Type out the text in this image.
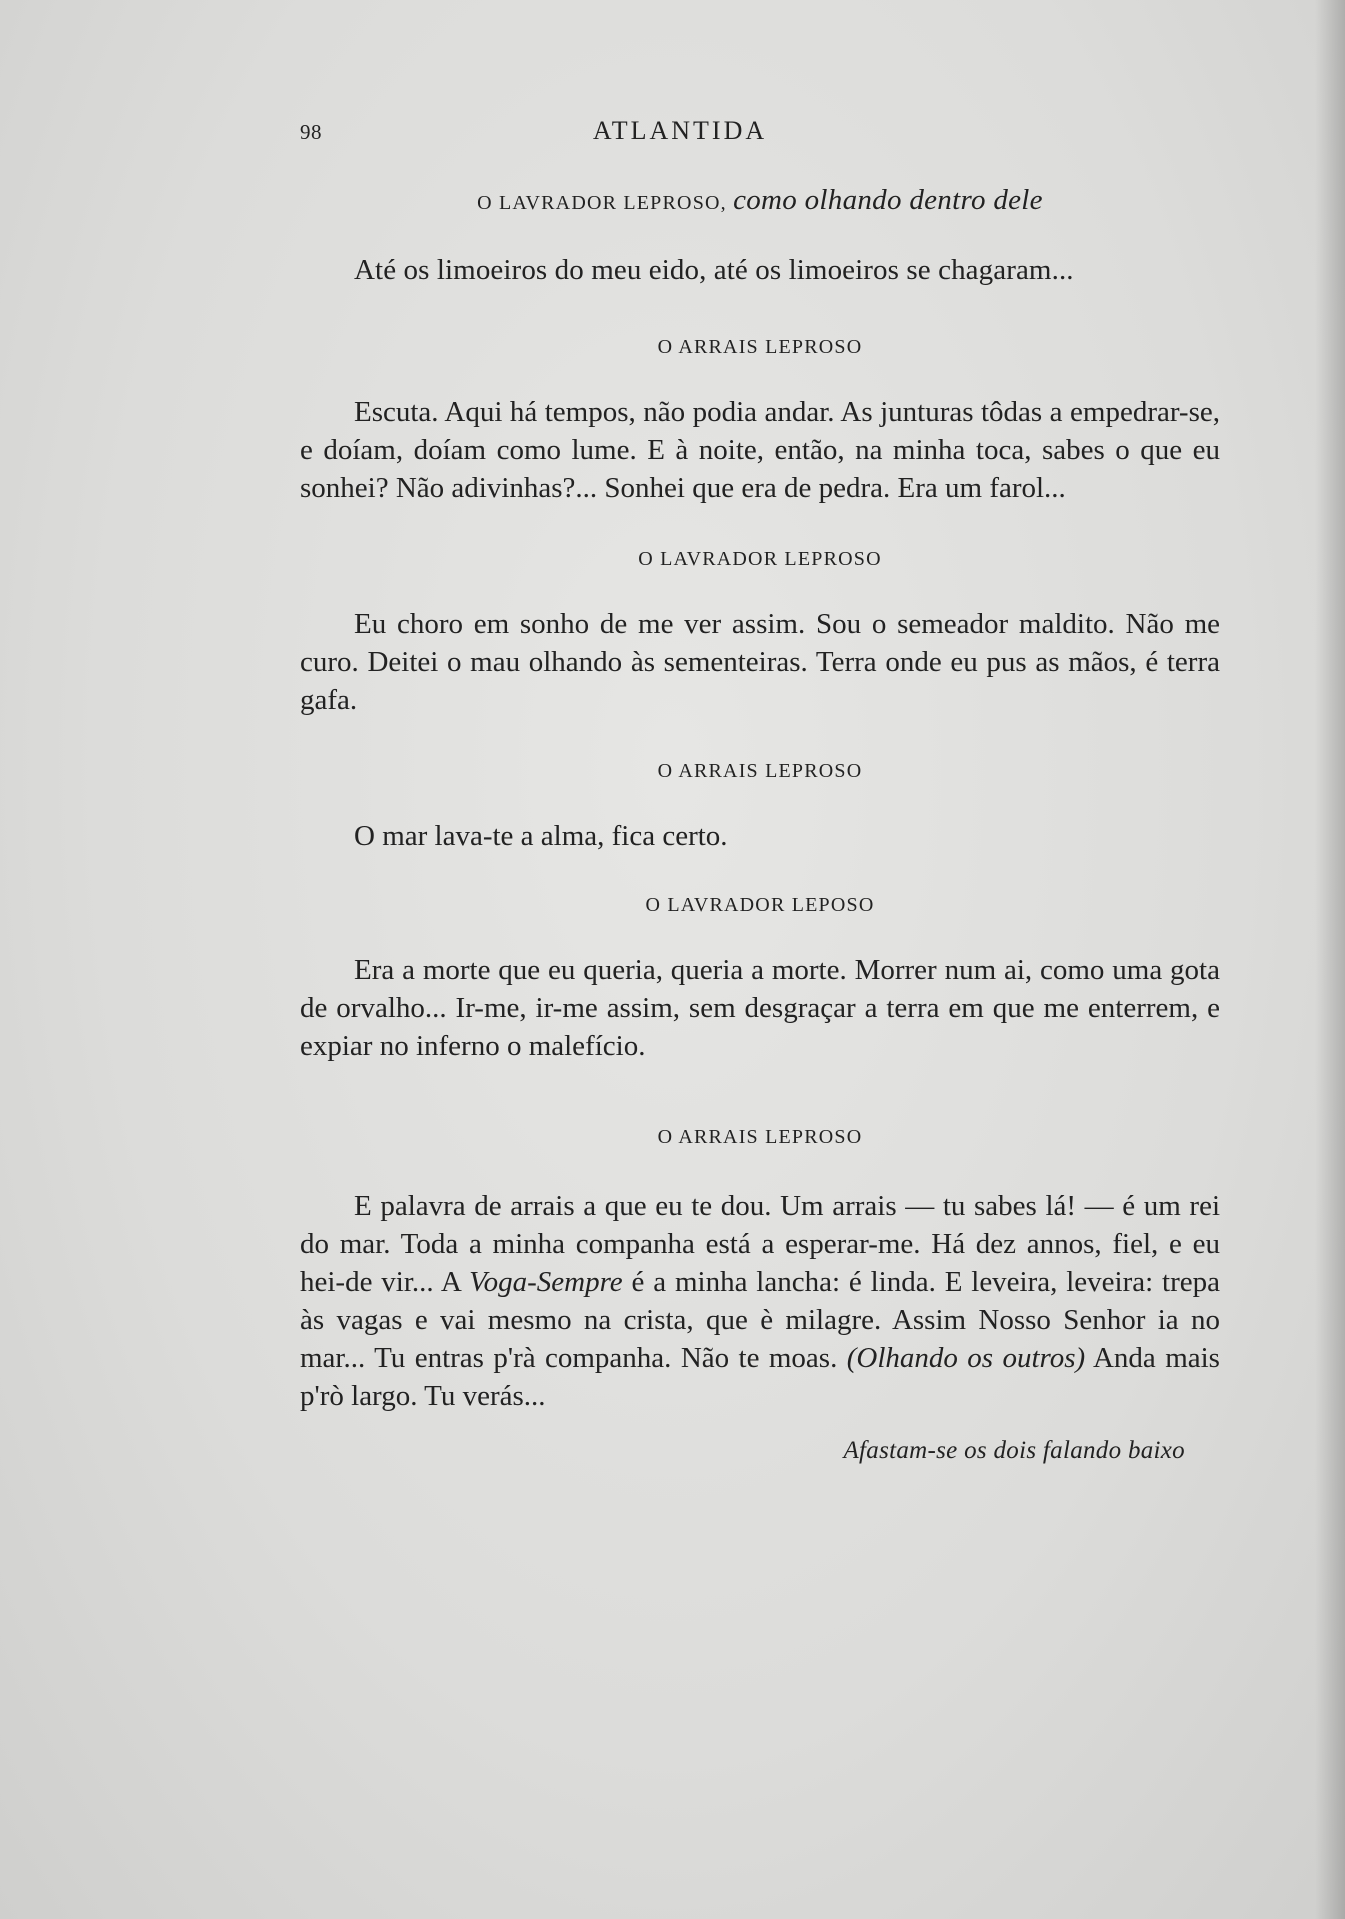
98	ATLANTIDA
O LAVRADOR LEPROSO, como olhando dentro dele

Até os limoeiros do meu eido, até os limoeiros se chagaram...

O ARRAIS LEPROSO

Escuta. Aqui há tempos, não podia andar. As junturas tôdas a empedrar-se, e doíam, doíam como lume. E à noite, então, na minha toca, sabes o que eu sonhei? Não adivinhas?... Sonhei que era de pedra. Era um farol...

O LAVRADOR LEPROSO

Eu choro em sonho de me ver assim. Sou o semeador maldito. Não me curo. Deitei o mau olhando às sementeiras. Terra onde eu pus as mãos, é terra gafa.

O ARRAIS LEPROSO

O mar lava-te a alma, fica certo.

O LAVRADOR LEPOSO

Era a morte que eu queria, queria a morte. Morrer num ai, como uma gota de orvalho... Ir-me, ir-me assim, sem desgraçar a terra em que me enterrem, e expiar no inferno o malefício.

O ARRAIS LEPROSO

E palavra de arrais a que eu te dou. Um arrais — tu sabes lá! — é um rei do mar. Toda a minha companha está a esperar-me. Há dez annos, fiel, e eu hei-de vir... A Voga-Sempre é a minha lancha: é linda. E leveira, leveira: trepa às vagas e vai mesmo na crista, que è milagre. Assim Nosso Senhor ia no mar... Tu entras p'rà companha. Não te moas. (Olhando os outros) Anda mais p'rò largo. Tu verás...

Afastam-se os dois falando baixo
